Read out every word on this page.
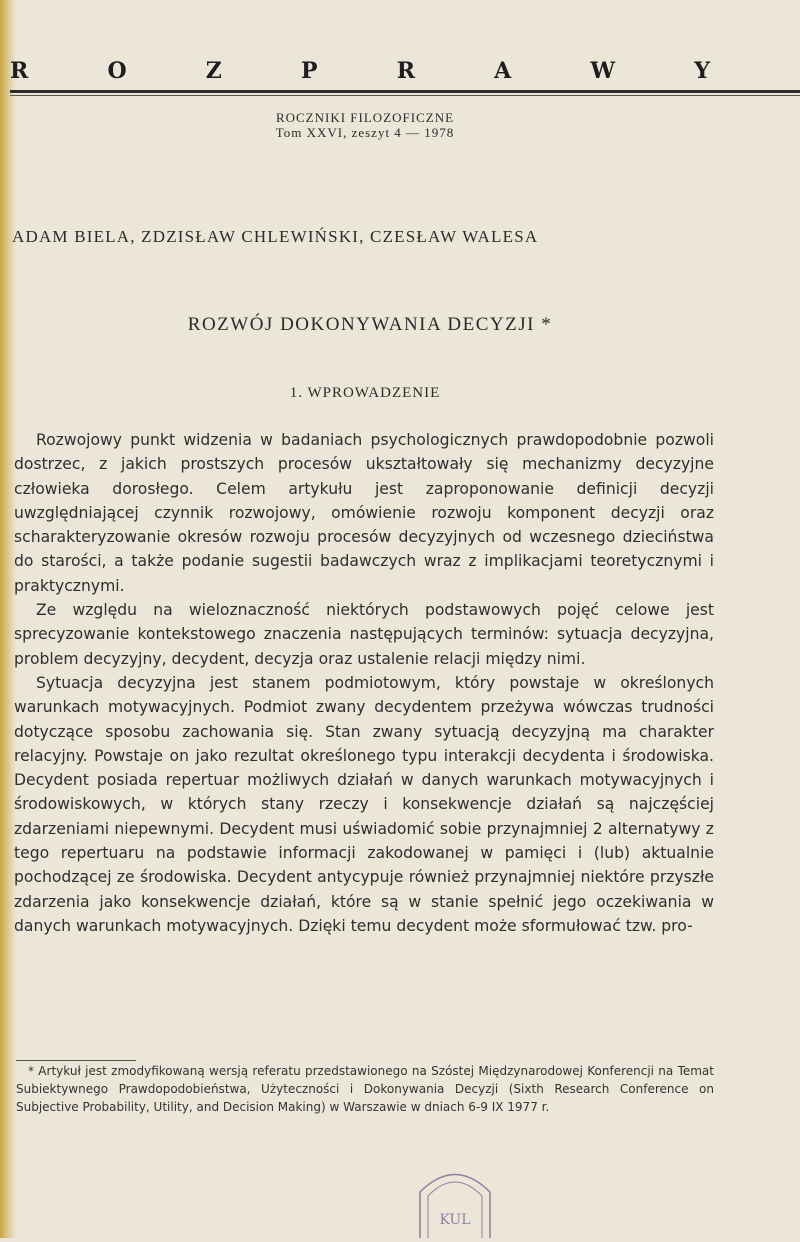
R	O	Z	P	R	A	W	Y
ROCZNIKI FILOZOFICZNE
Tom XXVI, zeszyt 4 — 1978
ADAM BIELA, ZDZISŁAW CHLEWIŃSKI, CZESŁAW WALESA
ROZWÓJ DOKONYWANIA DECYZJI *
1. WPROWADZENIE

Rozwojowy punkt widzenia w badaniach psychologicznych prawdopodobnie pozwoli dostrzec, z jakich prostszych procesów ukształtowały się mechanizmy decyzyjne człowieka dorosłego. Celem artykułu jest zaproponowanie definicji decyzji uwzględniającej czynnik rozwojowy, omówienie rozwoju komponent decyzji oraz scharakteryzowanie okresów rozwoju procesów decyzyjnych od wczesnego dzieciństwa do starości, a także podanie sugestii badawczych wraz z implikacjami teoretycznymi i praktycznymi.

Ze względu na wieloznaczność niektórych podstawowych pojęć celowe jest sprecyzowanie kontekstowego znaczenia następujących terminów: sytuacja decyzyjna, problem decyzyjny, decydent, decyzja oraz ustalenie relacji między nimi.

Sytuacja decyzyjna jest stanem podmiotowym, który powstaje w określonych warunkach motywacyjnych. Podmiot zwany decydentem przeżywa wówczas trudności dotyczące sposobu zachowania się. Stan zwany sytuacją decyzyjną ma charakter relacyjny. Powstaje on jako rezultat określonego typu interakcji decydenta i środowiska. Decydent posiada repertuar możliwych działań w danych warunkach motywacyjnych i środowiskowych, w których stany rzeczy i konsekwencje działań są najczęściej zdarzeniami niepewnymi. Decydent musi uświadomić sobie przynajmniej 2 alternatywy z tego repertuaru na podstawie informacji zakodowanej w pamięci i (lub) aktualnie pochodzącej ze środowiska. Decydent antycypuje również przynajmniej niektóre przyszłe zdarzenia jako konsekwencje działań, które są w stanie spełnić jego oczekiwania w danych warunkach motywacyjnych. Dzięki temu decydent może sformułować tzw. pro-

* Artykuł jest zmodyfikowaną wersją referatu przedstawionego na Szóstej Międzynarodowej Konferencji na Temat Subiektywnego Prawdopodobieństwa, Użyteczności i Dokonywania Decyzji (Sixth Research Conference on Subjective Probability, Utility, and Decision Making) w Warszawie w dniach 6-9 IX 1977 r.
KUL
